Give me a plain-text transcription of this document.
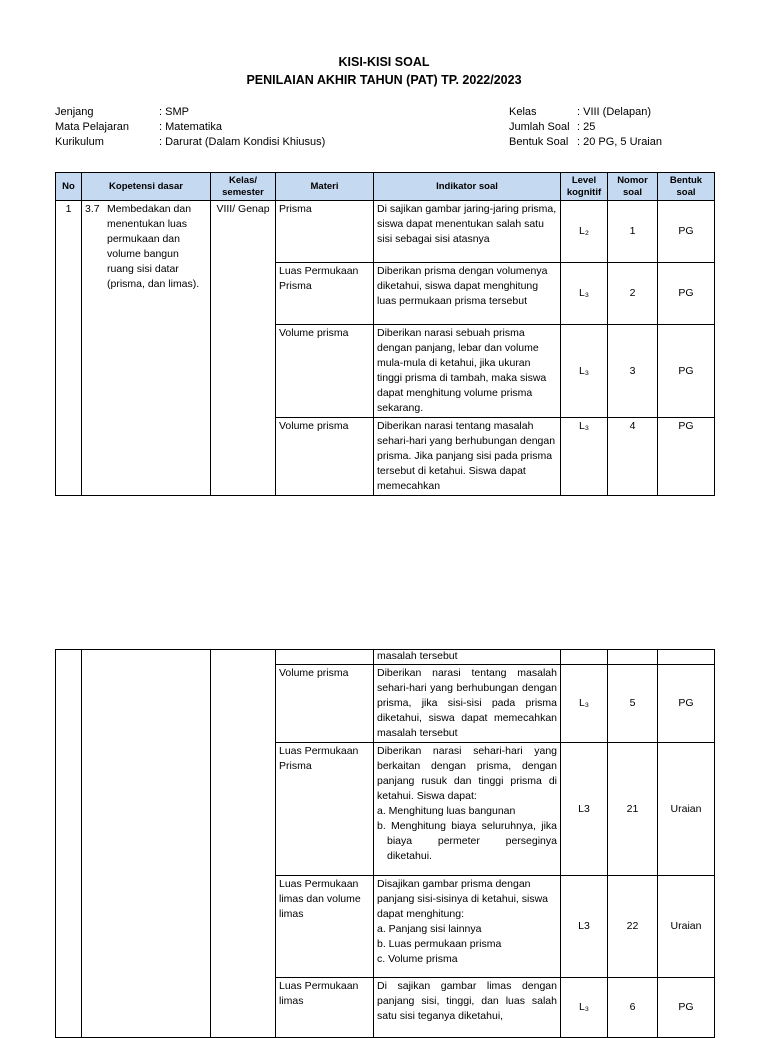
KISI-KISI SOAL
PENILAIAN AKHIR TAHUN (PAT) TP. 2022/2023
Jenjang	: SMP
Mata Pelajaran	: Matematika
Kurikulum	: Darurat (Dalam Kondisi Khiusus)
Kelas	: VIII (Delapan)
Jumlah Soal : 25
Bentuk Soal : 20 PG, 5 Uraian
No	Kopetensi dasar	Kelas/ semester	Materi	Indikator soal	Level kognitif	Nomor soal	Bentuk soal
1	3.7 Membedakan dan menentukan luas permukaan dan volume bangun ruang sisi datar (prisma, dan limas).	VIII/ Genap	Prisma	Di sajikan gambar jaring-jaring prisma, siswa dapat menentukan salah satu sisi sebagai sisi atasnya	L₂	1	PG
			Luas Permukaan Prisma	Diberikan prisma dengan volumenya diketahui, siswa dapat menghitung luas permukaan prisma tersebut	L₃	2	PG
			Volume prisma	Diberikan narasi sebuah prisma dengan panjang, lebar dan volume mula-mula di ketahui, jika ukuran tinggi prisma di tambah, maka siswa dapat menghitung volume prisma sekarang.	L₃	3	PG
			Volume prisma	Diberikan narasi tentang masalah sehari-hari yang berhubungan dengan prisma. Jika panjang sisi pada prisma tersebut di ketahui. Siswa dapat memecahkan	L₃	4	PG
				masalah tersebut			
			Volume prisma	Diberikan narasi tentang masalah sehari-hari yang berhubungan dengan prisma, jika sisi-sisi pada prisma diketahui, siswa dapat memecahkan masalah tersebut	L₃	5	PG
			Luas Permukaan Prisma	Diberikan narasi sehari-hari yang berkaitan dengan prisma, dengan panjang rusuk dan tinggi prisma di ketahui. Siswa dapat:
a. Menghitung luas bangunan
b. Menghitung biaya seluruhnya, jika biaya permeter perseginya diketahui.	L3	21	Uraian
			Luas Permukaan limas dan volume limas	Disajikan gambar prisma dengan panjang sisi-sisinya di ketahui, siswa dapat menghitung:
a. Panjang sisi lainnya
b. Luas permukaan prisma
c. Volume prisma	L3	22	Uraian
			Luas Permukaan limas	Di sajikan gambar limas dengan panjang sisi, tinggi, dan luas salah satu sisi teganya diketahui,	L₃	6	PG
